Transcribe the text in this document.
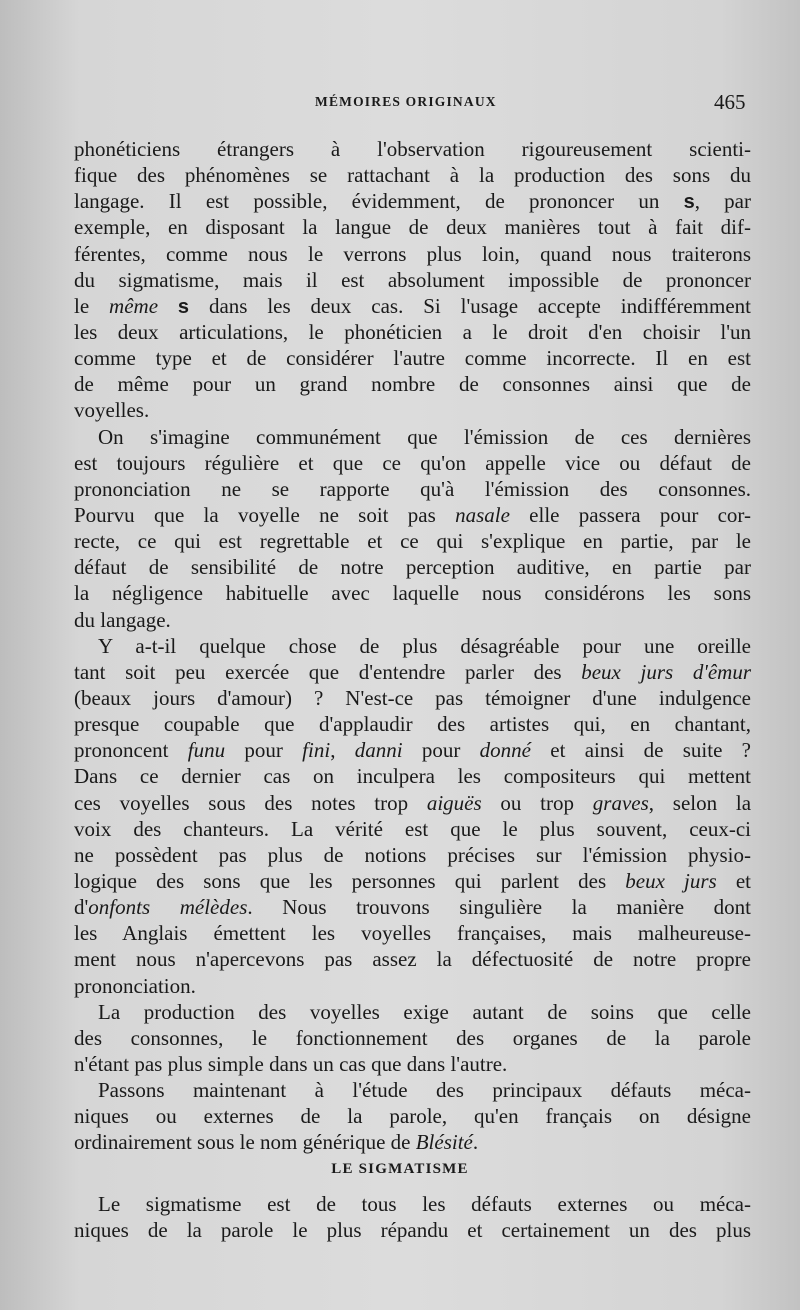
MÉMOIRES ORIGINAUX	465
phonéticiens étrangers à l'observation rigoureusement scienti-
fique des phénomènes se rattachant à la production des sons du
langage. Il est possible, évidemment, de prononcer un s, par
exemple, en disposant la langue de deux manières tout à fait dif-
férentes, comme nous le verrons plus loin, quand nous traiterons
du sigmatisme, mais il est absolument impossible de prononcer
le même s dans les deux cas. Si l'usage accepte indifféremment
les deux articulations, le phonéticien a le droit d'en choisir l'un
comme type et de considérer l'autre comme incorrecte. Il en est
de même pour un grand nombre de consonnes ainsi que de
voyelles.
On s'imagine communément que l'émission de ces dernières
est toujours régulière et que ce qu'on appelle vice ou défaut de
prononciation ne se rapporte qu'à l'émission des consonnes.
Pourvu que la voyelle ne soit pas nasale elle passera pour cor-
recte, ce qui est regrettable et ce qui s'explique en partie, par le
défaut de sensibilité de notre perception auditive, en partie par
la négligence habituelle avec laquelle nous considérons les sons
du langage.
Y a-t-il quelque chose de plus désagréable pour une oreille
tant soit peu exercée que d'entendre parler des beux jurs d'êmur
(beaux jours d'amour) ? N'est-ce pas témoigner d'une indulgence
presque coupable que d'applaudir des artistes qui, en chantant,
prononcent funu pour fini, danni pour donné et ainsi de suite ?
Dans ce dernier cas on inculpera les compositeurs qui mettent
ces voyelles sous des notes trop aiguës ou trop graves, selon la
voix des chanteurs. La vérité est que le plus souvent, ceux-ci
ne possèdent pas plus de notions précises sur l'émission physio-
logique des sons que les personnes qui parlent des beux jurs et
d'onfonts mélèdes. Nous trouvons singulière la manière dont
les Anglais émettent les voyelles françaises, mais malheureuse-
ment nous n'apercevons pas assez la défectuosité de notre propre
prononciation.
La production des voyelles exige autant de soins que celle
des consonnes, le fonctionnement des organes de la parole
n'étant pas plus simple dans un cas que dans l'autre.
Passons maintenant à l'étude des principaux défauts méca-
niques ou externes de la parole, qu'en français on désigne
ordinairement sous le nom générique de Blésité.
LE SIGMATISME
Le sigmatisme est de tous les défauts externes ou méca-
niques de la parole le plus répandu et certainement un des plus
